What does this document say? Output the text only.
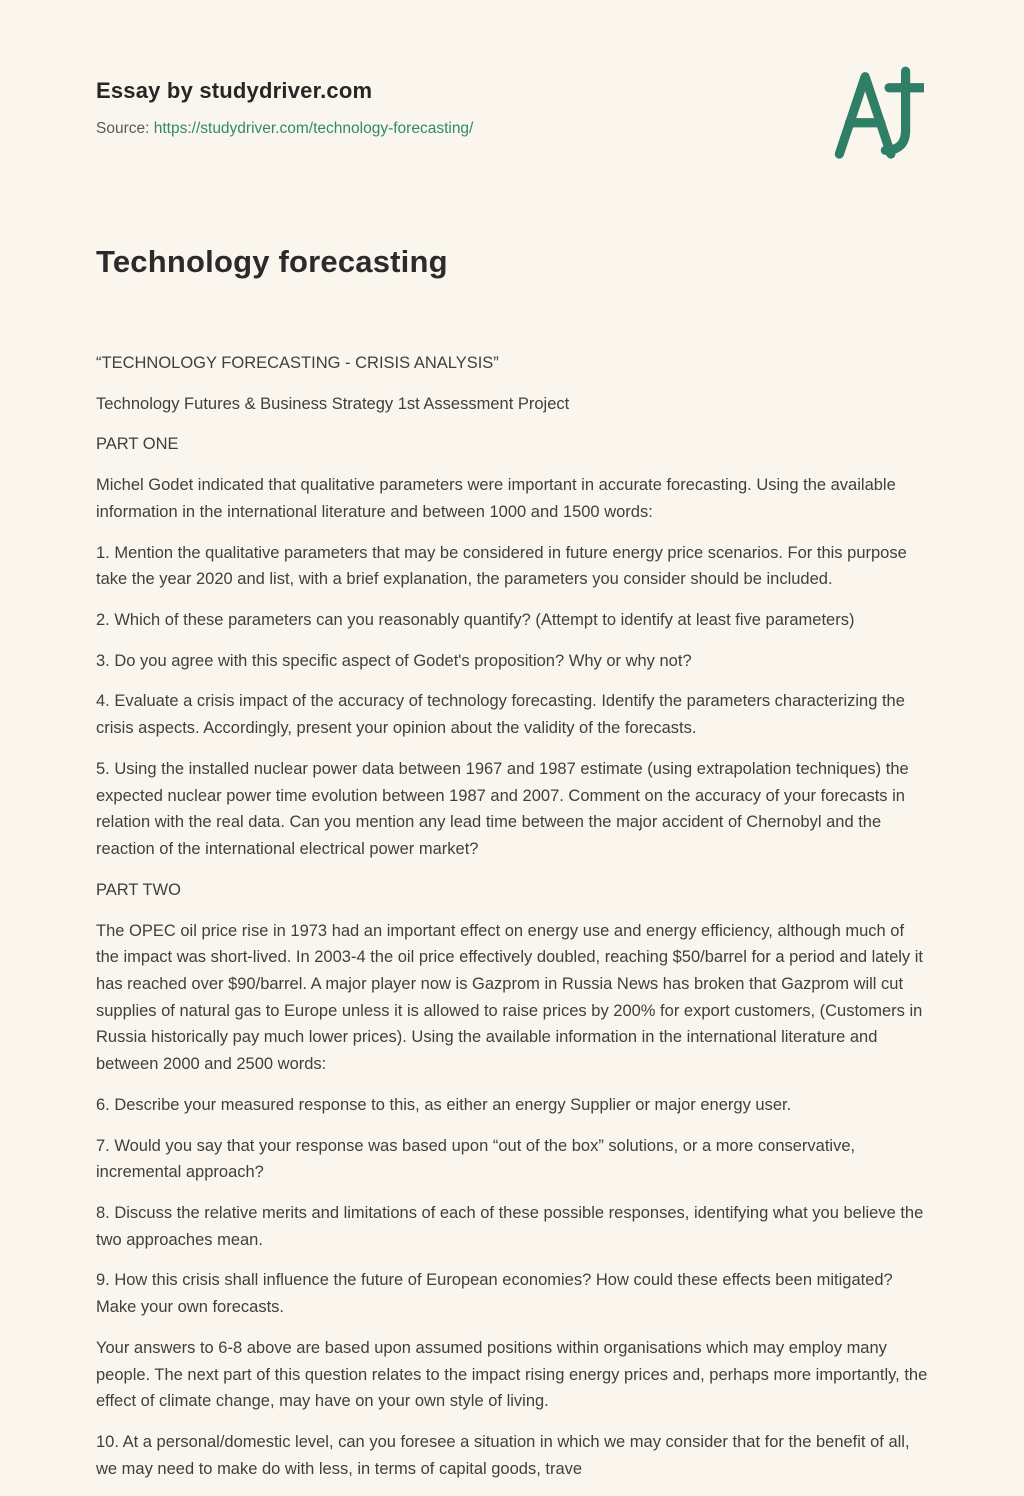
Essay by studydriver.com
Source: https://studydriver.com/technology-forecasting/
Technology forecasting

“TECHNOLOGY FORECASTING - CRISIS ANALYSIS”

Technology Futures & Business Strategy 1st Assessment Project

PART ONE

Michel Godet indicated that qualitative parameters were important in accurate forecasting. Using the available information in the international literature and between 1000 and 1500 words:

1. Mention the qualitative parameters that may be considered in future energy price scenarios. For this purpose take the year 2020 and list, with a brief explanation, the parameters you consider should be included.

2. Which of these parameters can you reasonably quantify? (Attempt to identify at least five parameters)

3. Do you agree with this specific aspect of Godet's proposition? Why or why not?

4. Evaluate a crisis impact of the accuracy of technology forecasting. Identify the parameters characterizing the crisis aspects. Accordingly, present your opinion about the validity of the forecasts.

5. Using the installed nuclear power data between 1967 and 1987 estimate (using extrapolation techniques) the expected nuclear power time evolution between 1987 and 2007. Comment on the accuracy of your forecasts in relation with the real data. Can you mention any lead time between the major accident of Chernobyl and the reaction of the international electrical power market?

PART TWO

The OPEC oil price rise in 1973 had an important effect on energy use and energy efficiency, although much of the impact was short-lived. In 2003-4 the oil price effectively doubled, reaching $50/barrel for a period and lately it has reached over $90/barrel. A major player now is Gazprom in Russia News has broken that Gazprom will cut supplies of natural gas to Europe unless it is allowed to raise prices by 200% for export customers, (Customers in Russia historically pay much lower prices). Using the available information in the international literature and between 2000 and 2500 words:

6. Describe your measured response to this, as either an energy Supplier or major energy user.

7. Would you say that your response was based upon “out of the box” solutions, or a more conservative, incremental approach?

8. Discuss the relative merits and limitations of each of these possible responses, identifying what you believe the two approaches mean.

9. How this crisis shall influence the future of European economies? How could these effects been mitigated? Make your own forecasts.

Your answers to 6-8 above are based upon assumed positions within organisations which may employ many people. The next part of this question relates to the impact rising energy prices and, perhaps more importantly, the effect of climate change, may have on your own style of living.

10. At a personal/domestic level, can you foresee a situation in which we may consider that for the benefit of all, we may need to make do with less, in terms of capital goods, trave
